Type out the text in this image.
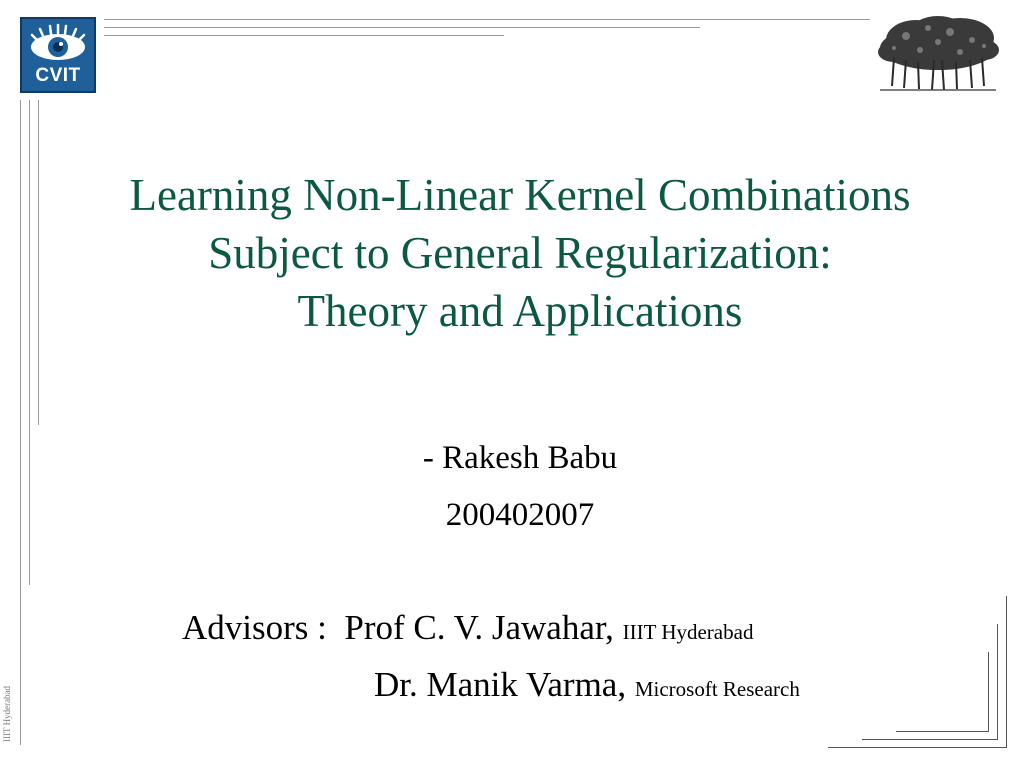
CVIT
Learning Non-Linear Kernel Combinations
Subject to General Regularization:
Theory and Applications
- Rakesh Babu
200402007
Advisors : Prof C. V. Jawahar, IIIT Hyderabad
Dr. Manik Varma, Microsoft Research
IIIT Hyderabad
